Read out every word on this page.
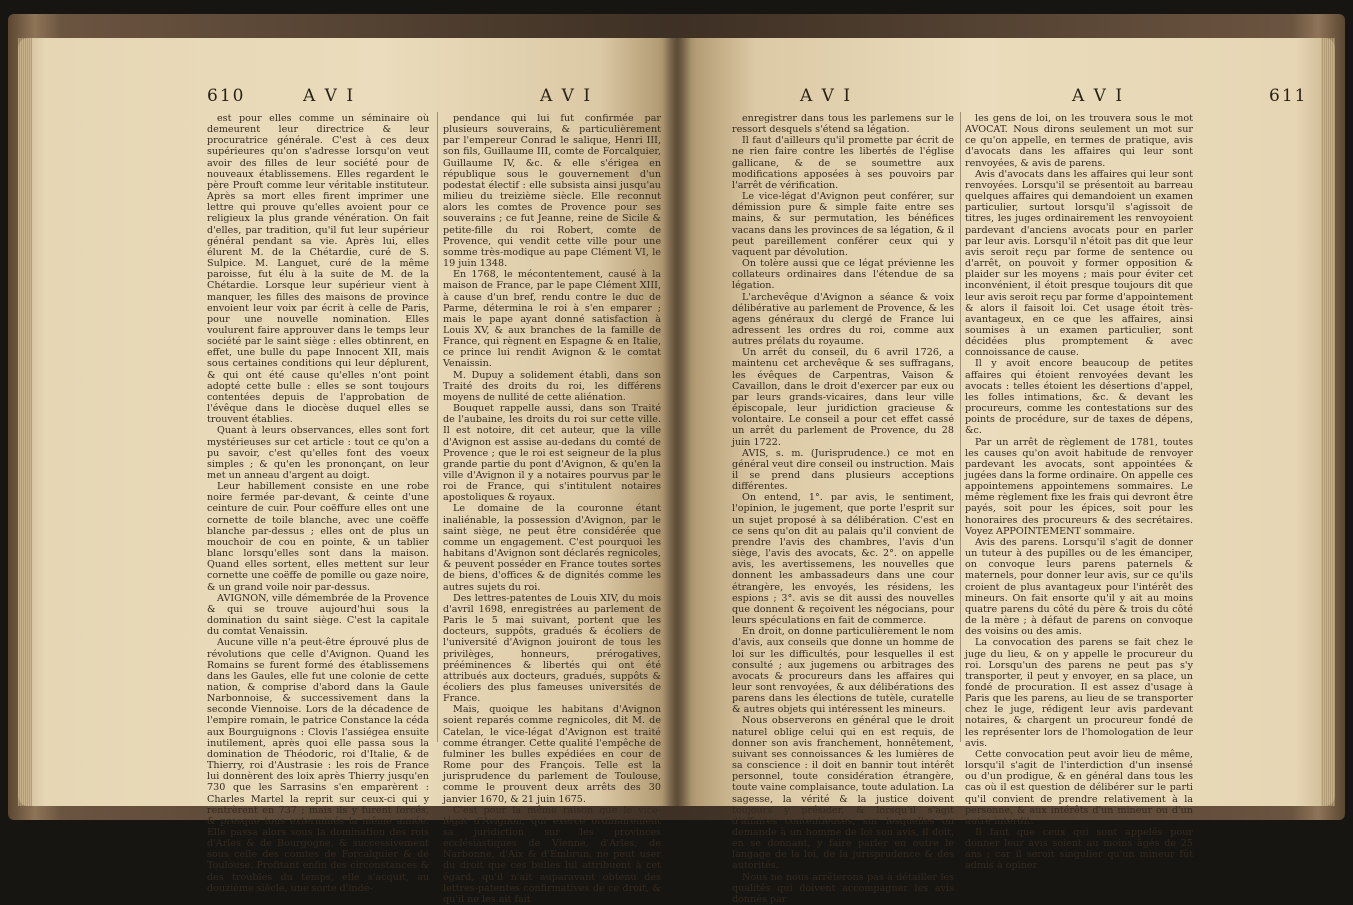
610	A V I	A V I

est pour elles comme un séminaire où demeurent leur directrice & leur procuratrice générale. C'est à ces deux supérieures qu'on s'adresse lorsqu'on veut avoir des filles de leur société pour de nouveaux établissemens. Elles regardent le père Prouft comme leur véritable instituteur. Après sa mort elles firent imprimer une lettre qui prouve qu'elles avoient pour ce religieux la plus grande vénération. On fait d'elles, par tradition, qu'il fut leur supérieur général pendant sa vie. Après lui, elles élurent M. de la Chétardie, curé de S. Sulpice. M. Languet, curé de la même paroisse, fut élu à la suite de M. de la Chétardie. Lorsque leur supérieur vient à manquer, les filles des maisons de province envoient leur voix par écrit à celle de Paris, pour une nouvelle nomination. Elles voulurent faire approuver dans le temps leur société par le saint siège : elles obtinrent, en effet, une bulle du pape Innocent XII, mais sous certaines conditions qui leur déplurent, & qui ont été cause qu'elles n'ont point adopté cette bulle : elles se sont toujours contentées depuis de l'approbation de l'évêque dans le diocèse duquel elles se trouvent établies.

Quant à leurs observances, elles sont fort mystérieuses sur cet article : tout ce qu'on a pu savoir, c'est qu'elles font des voeux simples ; & qu'en les prononçant, on leur met un anneau d'argent au doigt.

Leur habillement consiste en une robe noire fermée par-devant, & ceinte d'une ceinture de cuir. Pour coëffure elles ont une cornette de toile blanche, avec une coëffe blanche par-dessus ; elles ont de plus un mouchoir de cou en pointe, & un tablier blanc lorsqu'elles sont dans la maison. Quand elles sortent, elles mettent sur leur cornette une coëffe de pomille ou gaze noire, & un grand voile noir par-dessus.

AVIGNON, ville démembrée de la Provence & qui se trouve aujourd'hui sous la domination du saint siège. C'est la capitale du comtat Venaissin.

Aucune ville n'a peut-être éprouvé plus de révolutions que celle d'Avignon. Quand les Romains se furent formé des établissemens dans les Gaules, elle fut une colonie de cette nation, & comprise d'abord dans la Gaule Narbonnoise, & successivement dans la seconde Viennoise. Lors de la décadence de l'empire romain, le patrice Constance la céda aux Bourguignons : Clovis l'assiégea ensuite inutilement, après quoi elle passa sous la domination de Théodoric, roi d'Italie, & de Thierry, roi d'Austrasie : les rois de France lui donnèrent des loix après Thierry jusqu'en 730 que les Sarrasins s'en emparèrent : Charles Martel la reprit sur ceux-ci qui y rentrèrent en 737 ; mais ils y furent forcés, & presque tous exterminés la même année. Elle passa alors sous la domination des rois d'Arles & de Bourgogne, & successivement sous celle des comtes de Forcalquier & de Toulouse. Profitant enfin des circonstances & des troubles du temps, elle s'acquit, au douzième siècle, une sorte d'indé-

pendance qui lui fut confirmée par plusieurs souverains, & particulièrement par l'empereur Conrad le salique, Henri III, son fils, Guillaume III, comte de Forcalquier, Guillaume IV, &c. & elle s'érigea en république sous le gouvernement d'un podestat électif : elle subsista ainsi jusqu'au milieu du treizième siècle. Elle reconnut alors les comtes de Provence pour ses souverains ; ce fut Jeanne, reine de Sicile & petite-fille du roi Robert, comte de Provence, qui vendit cette ville pour une somme très-modique au pape Clément VI, le 19 juin 1348.

En 1768, le mécontentement, causé à la maison de France, par le pape Clément XIII, à cause d'un bref, rendu contre le duc de Parme, détermina le roi à s'en emparer ; mais le pape ayant donné satisfaction à Louis XV, & aux branches de la famille de France, qui règnent en Espagne & en Italie, ce prince lui rendit Avignon & le comtat Venaissin.

M. Dupuy a solidement établi, dans son Traité des droits du roi, les différens moyens de nullité de cette aliénation.

Bouquet rappelle aussi, dans son Traité de l'aubaine, les droits du roi sur cette ville. Il est notoire, dit cet auteur, que la ville d'Avignon est assise au-dedans du comté de Provence ; que le roi est seigneur de la plus grande partie du pont d'Avignon, & qu'en la ville d'Avignon il y a notaires pourvus par le roi de France, qui s'intitulent notaires apostoliques & royaux.

Le domaine de la couronne étant inaliénable, la possession d'Avignon, par le saint siège, ne peut être considérée que comme un engagement. C'est pourquoi les habitans d'Avignon sont déclarés regnicoles, & peuvent posséder en France toutes sortes de biens, d'offices & de dignités comme les autres sujets du roi.

Des lettres-patentes de Louis XIV, du mois d'avril 1698, enregistrées au parlement de Paris le 5 mai suivant, portent que les docteurs, suppôts, gradués & écoliers de l'université d'Avignon jouiront de tous les privilèges, honneurs, prérogatives, prééminences & libertés qui ont été attribués aux docteurs, gradués, suppôts & écoliers des plus fameuses universités de France.

Mais, quoique les habitans d'Avignon soient reparés comme regnicoles, dit M. de Catelan, le vice-légat d'Avignon est traité comme étranger. Cette qualité l'empêche de fulminer les bulles expédiées en cour de Rome pour des François. Telle est la jurisprudence du parlement de Toulouse, comme le prouvent deux arrêts des 30 janvier 1670, & 21 juin 1675.

C'est pour la même raison que le vice-légat d'Avignon, qui exerce ordinairement sa juridiction sur les provinces ecclésiastiques de Vienne, d'Arles, de Narbonne, d'Aix & d'Embrun, ne peut user du droit que ces bulles lui attribuent à cet égard, qu'il n'ait auparavant obtenu des lettres-patentes confirmatives de ce droit, & qu'il ne les ait fait

A V I	A V I	611

enregistrer dans tous les parlemens sur le ressort desquels s'étend sa légation.

Il faut d'ailleurs qu'il promette par écrit de ne rien faire contre les libertés de l'église gallicane, & de se soumettre aux modifications apposées à ses pouvoirs par l'arrêt de vérification.

Le vice-légat d'Avignon peut conférer, sur démission pure & simple faite entre ses mains, & sur permutation, les bénéfices vacans dans les provinces de sa légation, & il peut pareillement conférer ceux qui y vaquent par dévolution.

On tolère aussi que ce légat prévienne les collateurs ordinaires dans l'étendue de sa légation.

L'archevêque d'Avignon a séance & voix délibérative au parlement de Provence, & les agens généraux du clergé de France lui adressent les ordres du roi, comme aux autres prélats du royaume.

Un arrêt du conseil, du 6 avril 1726, a maintenu cet archevêque & ses suffragans, les évêques de Carpentras, Vaison & Cavaillon, dans le droit d'exercer par eux ou par leurs grands-vicaires, dans leur ville épiscopale, leur juridiction gracieuse & volontaire. Le conseil a pour cet effet cassé un arrêt du parlement de Provence, du 28 juin 1722.

AVIS, s. m. (Jurisprudence.) ce mot en général veut dire conseil ou instruction. Mais il se prend dans plusieurs acceptions différentes.

On entend, 1°. par avis, le sentiment, l'opinion, le jugement, que porte l'esprit sur un sujet proposé à sa délibération. C'est en ce sens qu'on dit au palais qu'il convient de prendre l'avis des chambres, l'avis d'un siège, l'avis des avocats, &c. 2°. on appelle avis, les avertissemens, les nouvelles que donnent les ambassadeurs dans une cour étrangère, les envoyés, les résidens, les espions ; 3°. avis se dit aussi des nouvelles que donnent & reçoivent les négocians, pour leurs spéculations en fait de commerce.

En droit, on donne particulièrement le nom d'avis, aux conseils que donne un homme de loi sur les difficultés, pour lesquelles il est consulté ; aux jugemens ou arbitrages des avocats & procureurs dans les affaires qui leur sont renvoyées, & aux délibérations des parens dans les élections de tutèle, curatelle & autres objets qui intéressent les mineurs.

Nous observerons en général que le droit naturel oblige celui qui en est requis, de donner son avis franchement, honnêtement, suivant ses connoissances & les lumières de sa conscience : il doit en bannir tout intérêt personnel, toute considération étrangère, toute vaine complaisance, toute adulation. La sagesse, la vérité & la justice doivent toujours y présider, & lorsqu'il s'agit d'affaires contentieuses, sur lesquelles on demande à un homme de loi son avis, il doit, en se donnant, y faire parler en outre le langage de la loi, de la jurisprudence & des autorités.

Nous ne nous arrêterons pas à détailler les qualités qui doivent accompagner les avis donnés par

les gens de loi, on les trouvera sous le mot AVOCAT. Nous dirons seulement un mot sur ce qu'on appelle, en termes de pratique, avis d'avocats dans les affaires qui leur sont renvoyées, & avis de parens.

Avis d'avocats dans les affaires qui leur sont renvoyées. Lorsqu'il se présentoit au barreau quelques affaires qui demandoient un examen particulier, surtout lorsqu'il s'agissoit de titres, les juges ordinairement les renvoyoient pardevant d'anciens avocats pour en parler par leur avis. Lorsqu'il n'étoit pas dit que leur avis seroit reçu par forme de sentence ou d'arrêt, on pouvoit y former opposition & plaider sur les moyens ; mais pour éviter cet inconvénient, il étoit presque toujours dit que leur avis seroit reçu par forme d'appointement & alors il faisoit loi. Cet usage étoit très-avantageux, en ce que les affaires, ainsi soumises à un examen particulier, sont décidées plus promptement & avec connoissance de cause.

Il y avoit encore beaucoup de petites affaires qui étoient renvoyées devant les avocats : telles étoient les désertions d'appel, les folles intimations, &c. & devant les procureurs, comme les contestations sur des points de procédure, sur de taxes de dépens, &c.

Par un arrêt de règlement de 1781, toutes les causes qu'on avoit habitude de renvoyer pardevant les avocats, sont appointées & jugées dans la forme ordinaire. On appelle ces appointemens appointemens sommaires. Le même règlement fixe les frais qui devront être payés, soit pour les épices, soit pour les honoraires des procureurs & des secrétaires. Voyez APPOINTEMENT sommaire.

Avis des parens. Lorsqu'il s'agit de donner un tuteur à des pupilles ou de les émanciper, on convoque leurs parens paternels & maternels, pour donner leur avis, sur ce qu'ils croient de plus avantageux pour l'intérêt des mineurs. On fait ensorte qu'il y ait au moins quatre parens du côté du père & trois du côté de la mère ; à défaut de parens on convoque des voisins ou des amis.

La convocation des parens se fait chez le juge du lieu, & on y appelle le procureur du roi. Lorsqu'un des parens ne peut pas s'y transporter, il peut y envoyer, en sa place, un fondé de procuration. Il est assez d'usage à Paris que les parens, au lieu de se transporter chez le juge, rédigent leur avis pardevant notaires, & chargent un procureur fondé de les représenter lors de l'homologation de leur avis.

Cette convocation peut avoir lieu de même, lorsqu'il s'agit de l'interdiction d'un insensé ou d'un prodigue, & en général dans tous les cas où il est question de délibérer sur le parti qu'il convient de prendre relativement à la personne, & aux intérêts d'un mineur ou d'un autre interdit.

Il faut que ceux qui sont appelés pour donner leur avis soient au moins âgés de 25 ans ; car il seroit singulier qu'un mineur fût admis à opiner
